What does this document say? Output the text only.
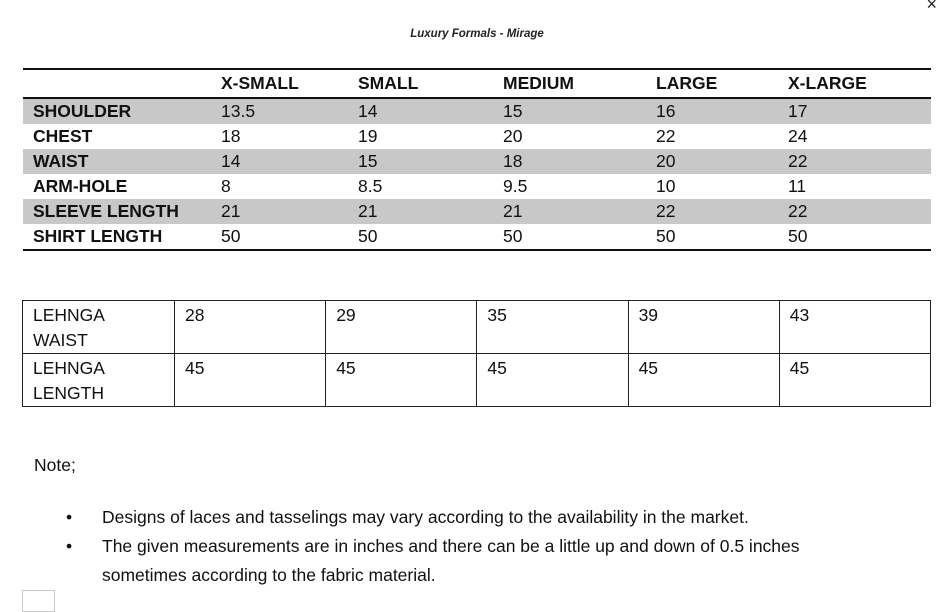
×
Luxury Formals - Mirage
	X-SMALL	SMALL	MEDIUM	LARGE	X-LARGE
SHOULDER	13.5	14	15	16	17
CHEST	18	19	20	22	24
WAIST	14	15	18	20	22
ARM-HOLE	8	8.5	9.5	10	11
SLEEVE LENGTH	21	21	21	22	22
SHIRT LENGTH	50	50	50	50	50
LEHNGA
WAIST	28	29	35	39	43
LEHNGA
LENGTH	45	45	45	45	45
Note;
• Designs of laces and tasselings may vary according to the availability in the market.
• The given measurements are in inches and there can be a little up and down of 0.5 inches sometimes according to the fabric material.
